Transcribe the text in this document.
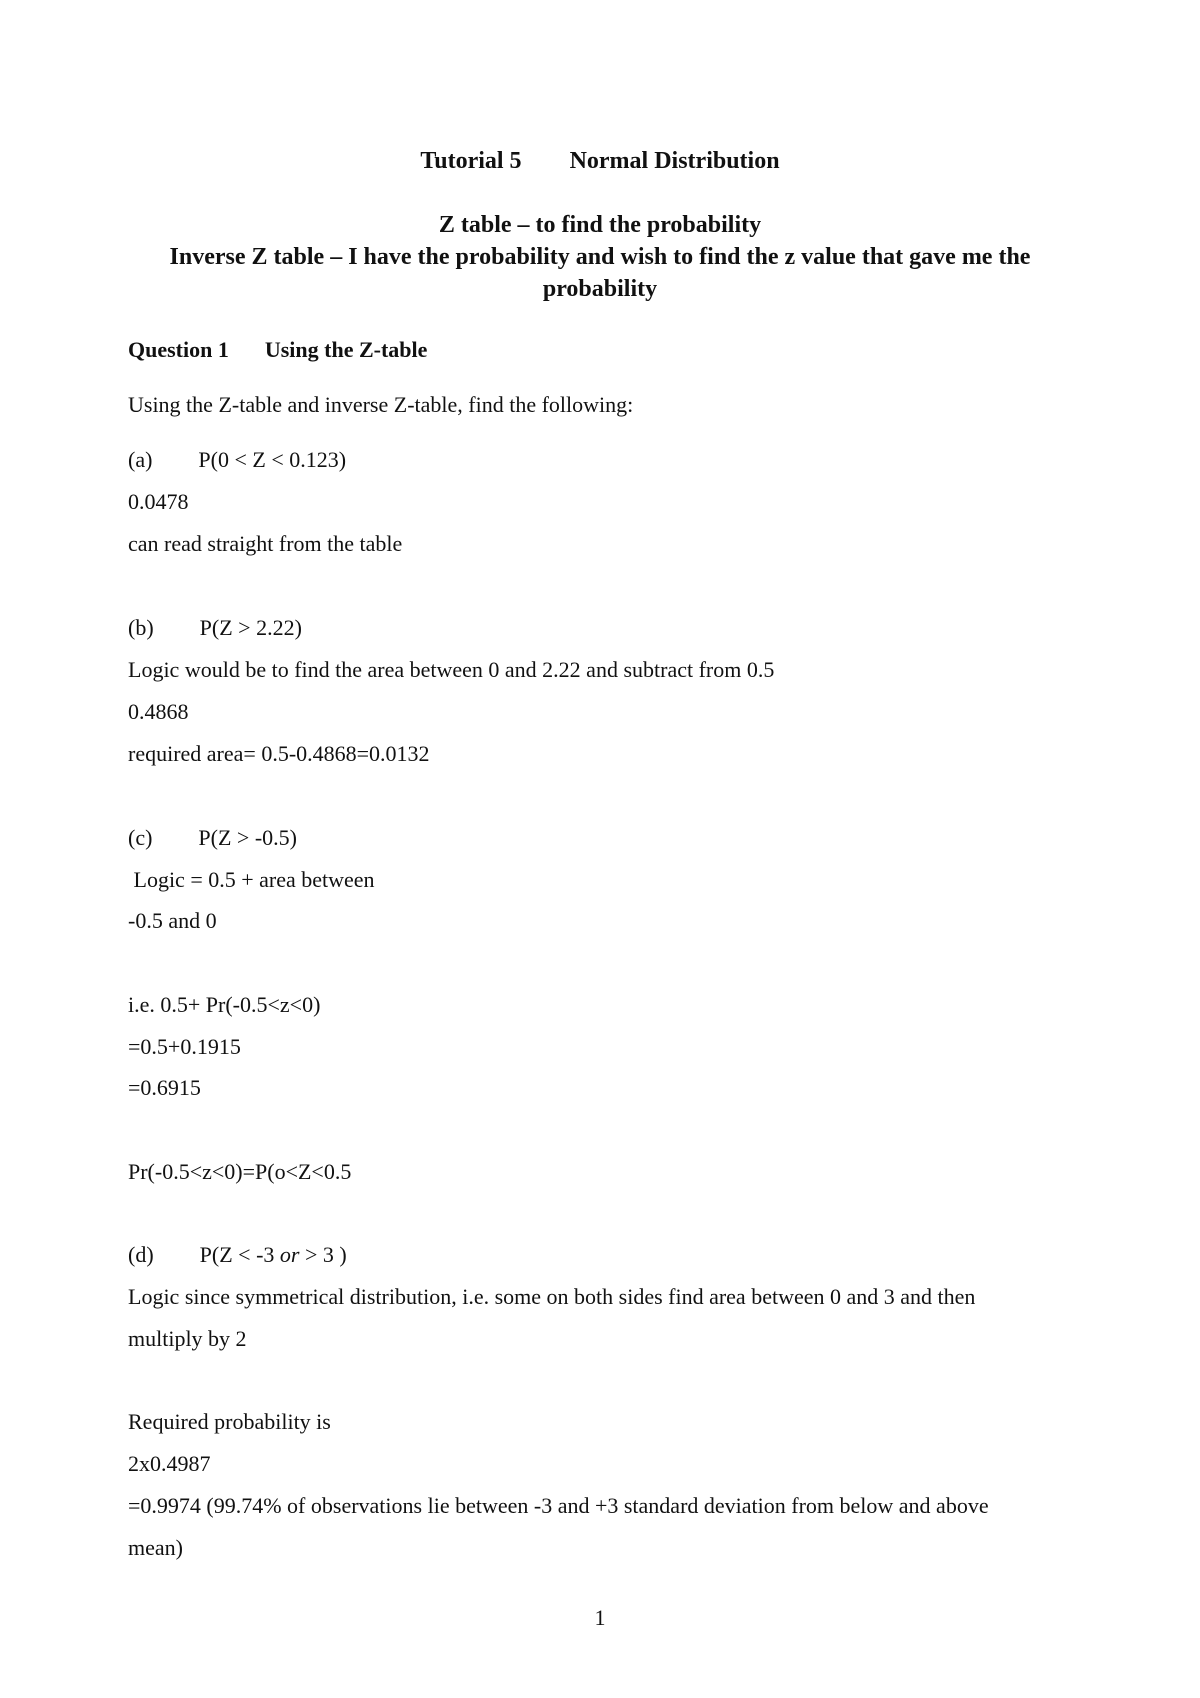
Tutorial 5 Normal Distribution
Z table – to find the probability
Inverse Z table – I have the probability and wish to find the z value that gave me the
probability
Question 1 Using the Z-table
Using the Z-table and inverse Z-table, find the following:
(a) P(0 < Z < 0.123)
0.0478
can read straight from the table
(b) P(Z > 2.22)
Logic would be to find the area between 0 and 2.22 and subtract from 0.5
0.4868
required area= 0.5-0.4868=0.0132
(c) P(Z > -0.5)
Logic = 0.5 + area between
-0.5 and 0
i.e. 0.5+ Pr(-0.5<z<0)
=0.5+0.1915
=0.6915
Pr(-0.5<z<0)=P(o<Z<0.5
(d) P(Z < -3 or > 3 )
Logic since symmetrical distribution, i.e. some on both sides find area between 0 and 3 and then
multiply by 2
Required probability is
2x0.4987
=0.9974 (99.74% of observations lie between -3 and +3 standard deviation from below and above
mean)
1
